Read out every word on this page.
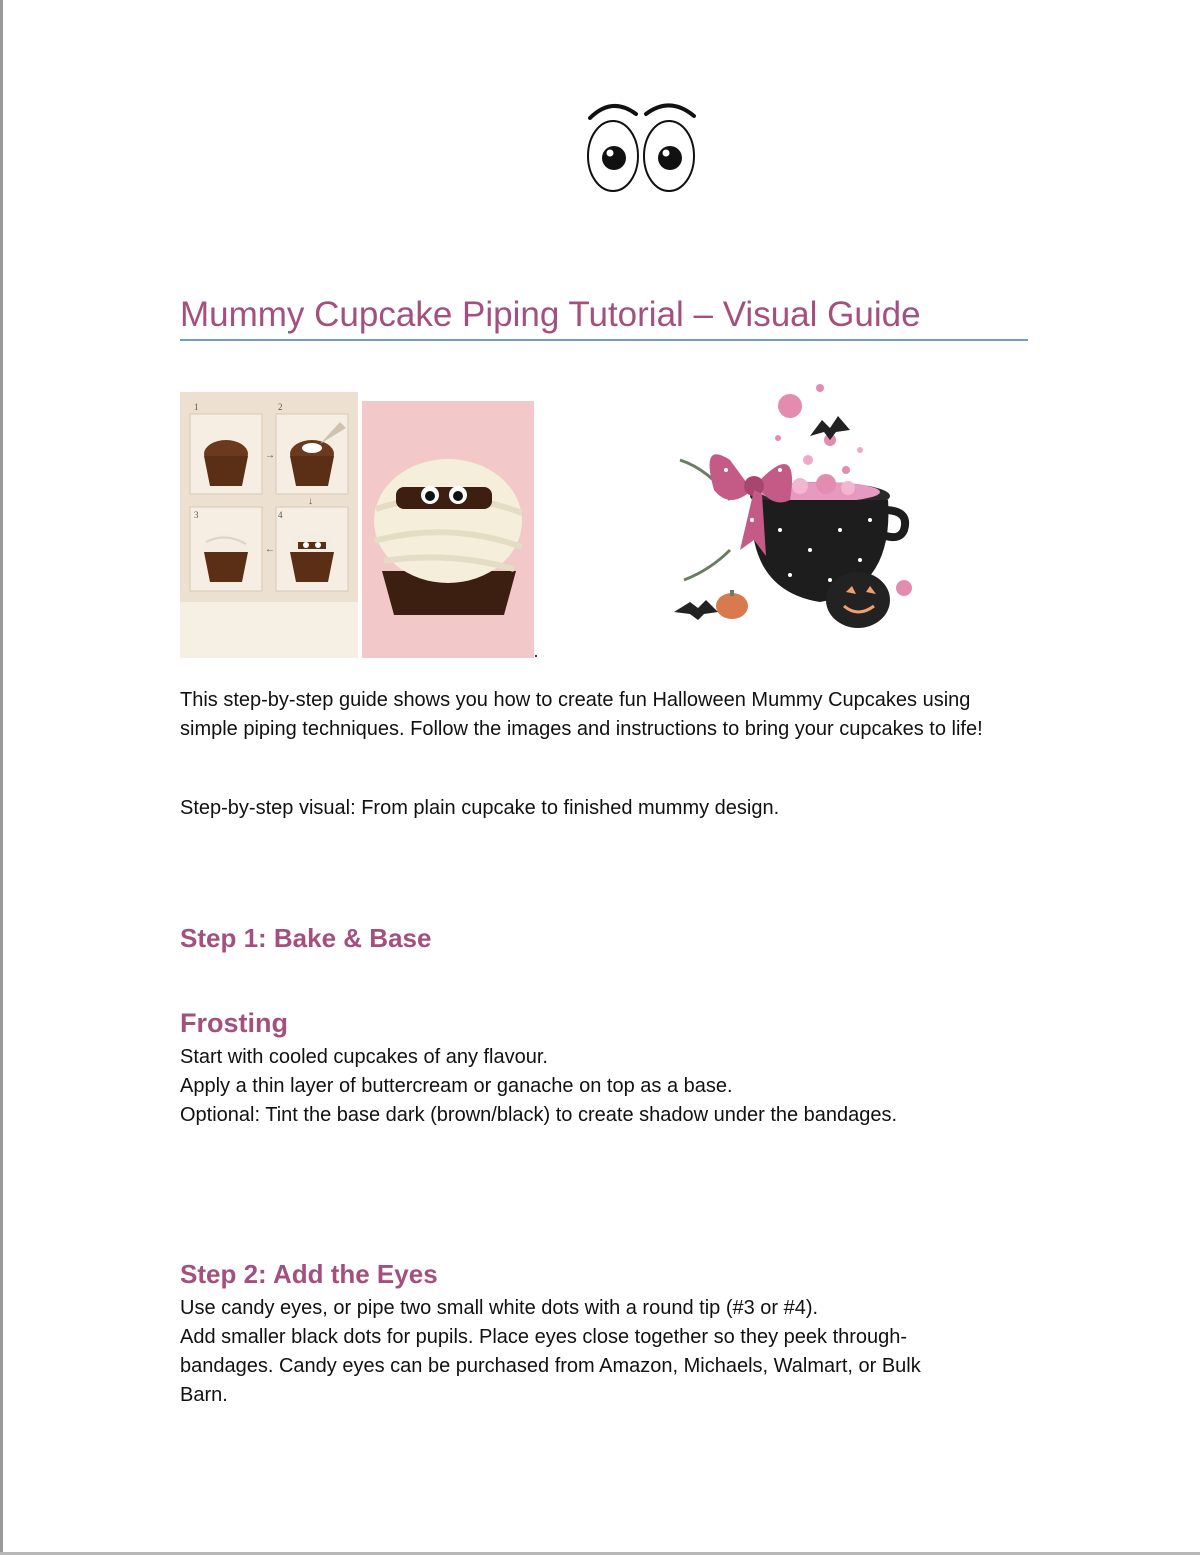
Mummy Cupcake Piping Tutorial – Visual Guide
1	2
3	4
→
↓
←

This step-by-step guide shows you how to create fun Halloween Mummy Cupcakes using simple piping techniques. Follow the images and instructions to bring your cupcakes to life!

Step-by-step visual: From plain cupcake to finished mummy design.

Step 1: Bake & Base
Frosting
Start with cooled cupcakes of any flavour.
Apply a thin layer of buttercream or ganache on top as a base.
Optional: Tint the base dark (brown/black) to create shadow under the bandages.
Step 2: Add the Eyes
Use candy eyes, or pipe two small white dots with a round tip (#3 or #4).
Add smaller black dots for pupils. Place eyes close together so they peek through-
bandages. Candy eyes can be purchased from Amazon, Michaels, Walmart, or Bulk
Barn.
